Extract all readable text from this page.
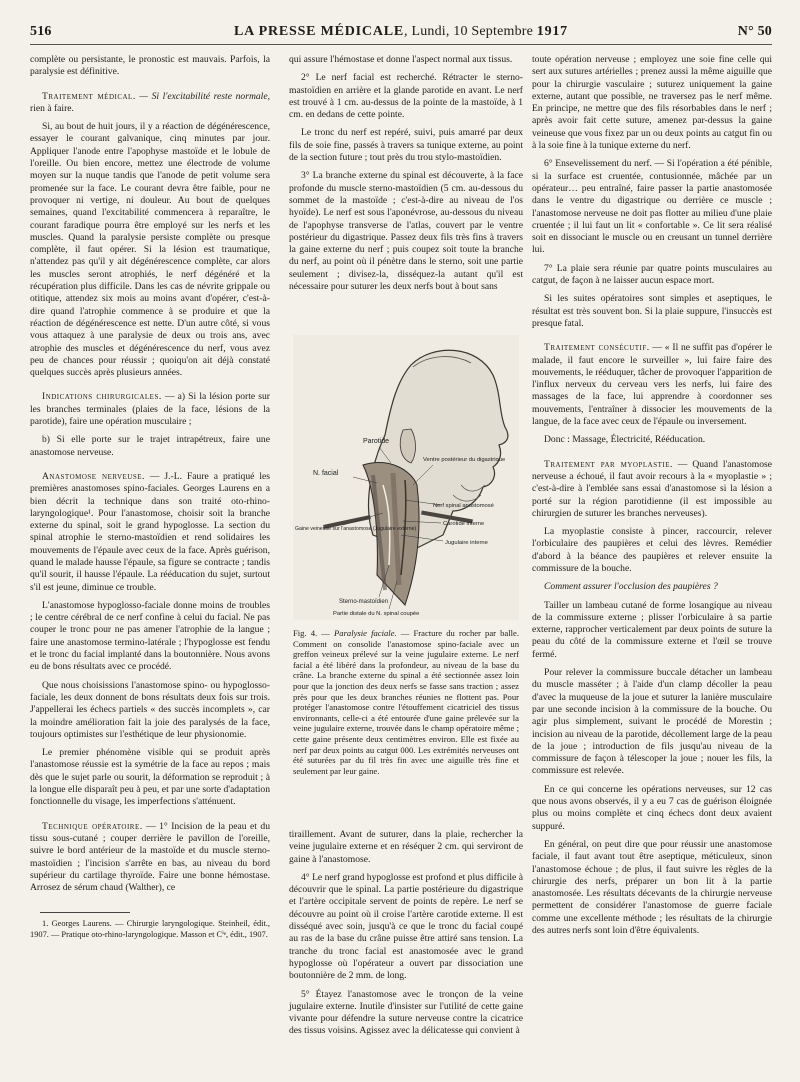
516	LA PRESSE MÉDICALE, Lundi, 10 Septembre 1917	N° 50

complète ou persistante, le pronostic est mauvais. Parfois, la paralysie est définitive.

Traitement médical. — Si l'excitabilité reste normale, rien à faire.

Si, au bout de huit jours, il y a réaction de dégénérescence, essayer le courant galvanique, cinq minutes par jour. Appliquer l'anode entre l'apophyse mastoïde et le lobule de l'oreille. Ou bien encore, mettez une électrode de volume moyen sur la nuque tandis que l'anode de petit volume sera promenée sur la face. Le courant devra être faible, pour ne provoquer ni vertige, ni douleur. Au bout de quelques semaines, quand l'excitabilité commencera à reparaître, le courant faradique pourra être employé sur les nerfs et les muscles. Quand la paralysie persiste complète ou presque complète, il faut opérer. Si la lésion est traumatique, n'attendez pas qu'il y ait dégénérescence complète, car alors les muscles seront atrophiés, le nerf dégénéré et la récupération plus difficile. Dans les cas de névrite grippale ou otitique, attendez six mois au moins avant d'opérer, c'est-à-dire quand l'atrophie commence à se produire et que la réaction de dégénérescence est nette. D'un autre côté, si vous vous attaquez à une paralysie de deux ou trois ans, avec atrophie des muscles et dégénérescence du nerf, vous avez peu de chances pour réussir ; quoiqu'on ait déjà constaté quelques succès après plusieurs années.

Indications chirurgicales. — a) Si la lésion porte sur les branches terminales (plaies de la face, lésions de la parotide), faire une opération musculaire ;

b) Si elle porte sur le trajet intrapétreux, faire une anastomose nerveuse.

Anastomose nerveuse. — J.-L. Faure a pratiqué les premières anastomoses spino-faciales. Georges Laurens en a bien décrit la technique dans son traité oto-rhino-laryngologique¹. Pour l'anastomose, choisir soit la branche externe du spinal, soit le grand hypoglosse. La section du spinal atrophie le sterno-mastoïdien et rend solidaires les mouvements de l'épaule avec ceux de la face. Après guérison, quand le malade hausse l'épaule, sa figure se contracte ; tandis qu'il sourit, il hausse l'épaule. La rééducation du sujet, surtout s'il est jeune, diminue ce trouble.

L'anastomose hypoglosso-faciale donne moins de troubles ; le centre cérébral de ce nerf confine à celui du facial. Ne pas couper le tronc pour ne pas amener l'atrophie de la langue ; faire une anastomose termino-latérale ; l'hypoglosse est fendu et le tronc du facial implanté dans la boutonnière. Nous avons eu de bons résultats avec ce procédé.

Que nous choisissions l'anastomose spino- ou hypoglosso-faciale, les deux donnent de bons résultats deux fois sur trois. J'appellerai les échecs partiels « des succès incomplets », car la moindre amélioration fait la joie des paralysés de la face, toujours optimistes sur l'esthétique de leur physionomie.

Le premier phénomène visible qui se produit après l'anastomose réussie est la symétrie de la face au repos ; mais dès que le sujet parle ou sourit, la déformation se reproduit ; à la longue elle disparaît peu à peu, et par une sorte d'adaptation fonctionnelle du visage, les imperfections s'atténuent.

Technique opératoire. — 1° Incision de la peau et du tissu sous-cutané ; couper derrière le pavillon de l'oreille, suivre le bord antérieur de la mastoïde et du muscle sterno-mastoïdien ; l'incision s'arrête en bas, au niveau du bord supérieur du cartilage thyroïde. Faire une bonne hémostase. Arrosez de sérum chaud (Walther), ce

1. Georges Laurens. — Chirurgie laryngologique. Steinheil, édit., 1907. — Pratique oto-rhino-laryngologique. Masson et Cⁱᵉ, édit., 1907.

qui assure l'hémostase et donne l'aspect normal aux tissus.

2° Le nerf facial est recherché. Rétracter le sterno-mastoïdien en arrière et la glande parotide en avant. Le nerf est trouvé à 1 cm. au-dessus de la pointe de la mastoïde, à 1 cm. en dedans de cette pointe.

Le tronc du nerf est repéré, suivi, puis amarré par deux fils de soie fine, passés à travers sa tunique externe, au point de la section future ; tout près du trou stylo-mastoïdien.

3° La branche externe du spinal est découverte, à la face profonde du muscle sterno-mastoïdien (5 cm. au-dessous du sommet de la mastoïde ; c'est-à-dire au niveau de l'os hyoïde). Le nerf est sous l'aponévrose, au-dessous du niveau de l'apophyse transverse de l'atlas, couvert par le ventre postérieur du digastrique. Passez deux fils très fins à travers la gaine externe du nerf ; puis coupez soit toute la branche du nerf, au point où il pénètre dans le sterno, soit une partie seulement ; divisez-la, disséquez-la autant qu'il est nécessaire pour suturer les deux nerfs bout à bout sans

Parotide
N. facial
Ventre postérieur du digastrique
Nerf spinal anastomosé
Gaine veineuse sur l'anastomose (Jugulaire externe)
Carotide interne
Jugulaire interne
Sterno-mastoïdien
Partie distale du N. spinal coupée
Fig. 4. — Paralysie faciale. — Fracture du rocher par balle. Comment on consolide l'anastomose spino-faciale avec un greffon veineux prélevé sur la veine jugulaire externe. Le nerf facial a été libéré dans la profondeur, au niveau de la base du crâne. La branche externe du spinal a été sectionnée assez loin pour que la jonction des deux nerfs se fasse sans traction ; assez près pour que les deux branches réunies ne flottent pas. Pour protéger l'anastomose contre l'étouffement cicatriciel des tissus environnants, celle-ci a été entourée d'une gaine prélevée sur la veine jugulaire externe, trouvée dans le champ opératoire même ; cette gaine présente deux centimètres environ. Elle est fixée au nerf par deux points au catgut 000. Les extrémités nerveuses ont été suturées par du fil très fin avec une aiguille très fine et seulement par leur gaine.

tiraillement. Avant de suturer, dans la plaie, rechercher la veine jugulaire externe et en réséquer 2 cm. qui serviront de gaine à l'anastomose.

4° Le nerf grand hypoglosse est profond et plus difficile à découvrir que le spinal. La partie postérieure du digastrique et l'artère occipitale servent de points de repère. Le nerf se découvre au point où il croise l'artère carotide externe. Il est disséqué avec soin, jusqu'à ce que le tronc du facial coupé au ras de la base du crâne puisse être attiré sans tension. La tranche du tronc facial est anastomosée avec le grand hypoglosse où l'opérateur a ouvert par dissociation une boutonnière de 2 mm. de long.

5° Étayez l'anastomose avec le tronçon de la veine jugulaire externe. Inutile d'insister sur l'utilité de cette gaine vivante pour défendre la suture nerveuse contre la cicatrice des tissus voisins. Agissez avec la délicatesse qui convient à

toute opération nerveuse ; employez une soie fine celle qui sert aux sutures artérielles ; prenez aussi la même aiguille que pour la chirurgie vasculaire ; suturez uniquement la gaine externe, autant que possible, ne traversez pas le nerf même. En principe, ne mettre que des fils résorbables dans le nerf ; après avoir fait cette suture, amenez par-dessus la gaine veineuse que vous fixez par un ou deux points au catgut fin ou à la soie fine à la tunique externe du nerf.

6° Ensevelissement du nerf. — Si l'opération a été pénible, si la surface est cruentée, contusionnée, mâchée par un opérateur… peu entraîné, faire passer la partie anastomosée dans le ventre du digastrique ou derrière ce muscle ; l'anastomose nerveuse ne doit pas flotter au milieu d'une plaie cruentée ; il lui faut un lit « confortable ». Ce lit sera réalisé soit en dissociant le muscle ou en creusant un tunnel derrière lui.

7° La plaie sera réunie par quatre points musculaires au catgut, de façon à ne laisser aucun espace mort.

Si les suites opératoires sont simples et aseptiques, le résultat est très souvent bon. Si la plaie suppure, l'insuccès est presque fatal.

Traitement consécutif. — « Il ne suffit pas d'opérer le malade, il faut encore le surveiller », lui faire faire des mouvements, le rééduquer, tâcher de provoquer l'apparition de l'influx nerveux du cerveau vers les nerfs, lui faire des massages de la face, lui apprendre à coordonner ses mouvements, l'entraîner à dissocier les mouvements de la langue, de la face avec ceux de l'épaule ou inversement.

Donc : Massage, Électricité, Rééducation.

Traitement par myoplastie. — Quand l'anastomose nerveuse a échoué, il faut avoir recours à la « myoplastie » ; c'est-à-dire à l'emblée sans essai d'anastomose si la lésion a porté sur la région parotidienne (il est impossible au chirurgien de suturer les branches nerveuses).

La myoplastie consiste à pincer, raccourcir, relever l'orbiculaire des paupières et celui des lèvres. Remédier d'abord à la béance des paupières et relever ensuite la commissure de la bouche.

Comment assurer l'occlusion des paupières ?

Tailler un lambeau cutané de forme losangique au niveau de la commissure externe ; plisser l'orbiculaire à sa partie externe, rapprocher verticalement par deux points de suture la peau du côté de la commissure externe et l'œil se trouve fermé.

Pour relever la commissure buccale détacher un lambeau du muscle masséter ; à l'aide d'un clamp décoller la peau d'avec la muqueuse de la joue et suturer la lanière musculaire par une seconde incision à la commissure de la bouche. Ou agir plus simplement, suivant le procédé de Morestin ; incision au niveau de la parotide, décollement large de la peau de la joue ; introduction de fils jusqu'au niveau de la commissure de façon à télescoper la joue ; nouer les fils, la commissure est relevée.

En ce qui concerne les opérations nerveuses, sur 12 cas que nous avons observés, il y a eu 7 cas de guérison éloignée plus ou moins complète et cinq échecs dont deux avaient suppuré.

En général, on peut dire que pour réussir une anastomose faciale, il faut avant tout être aseptique, méticuleux, sinon l'anastomose échoue ; de plus, il faut suivre les règles de la chirurgie des nerfs, préparer un bon lit à la partie anastomosée. Les résultats décevants de la chirurgie nerveuse permettent de considérer l'anastomose de guerre faciale comme une excellente méthode ; les résultats de la chirurgie des autres nerfs sont loin d'être équivalents.
